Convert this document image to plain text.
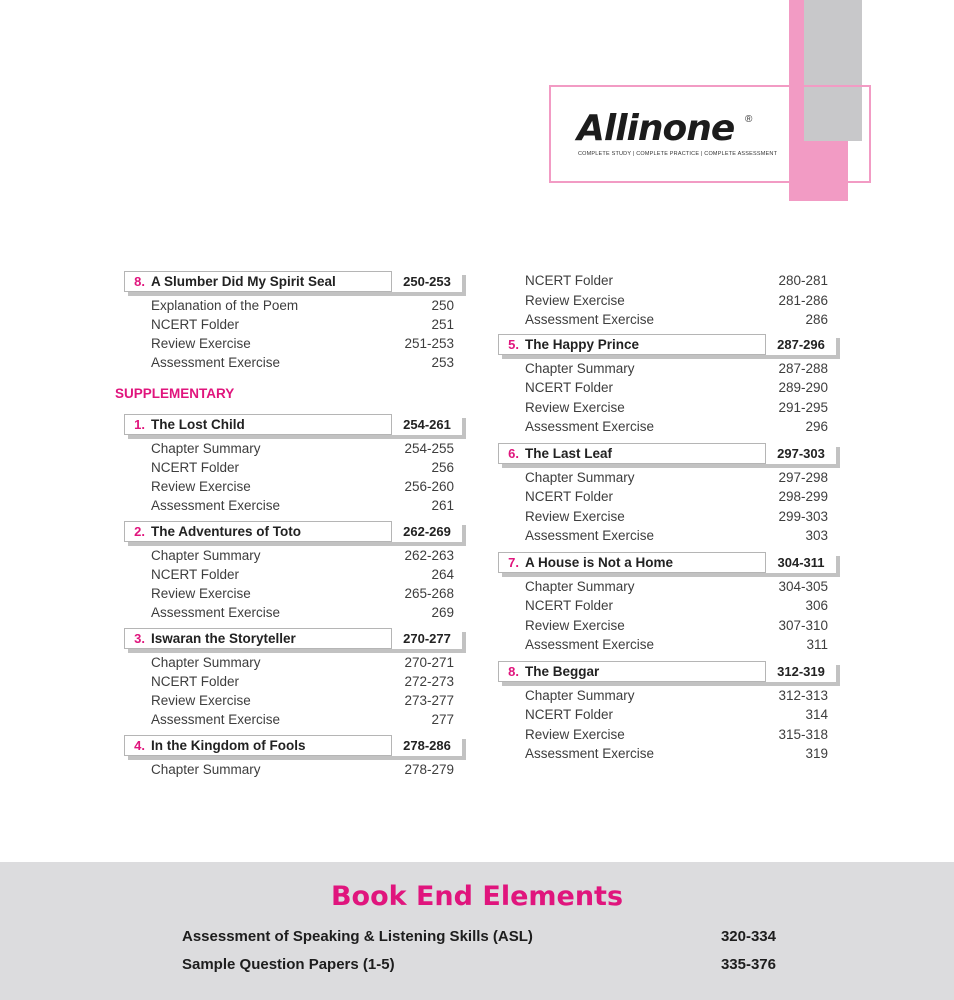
Allinone ®
COMPLETE STUDY | COMPLETE PRACTICE | COMPLETE ASSESSMENT
8. A Slumber Did My Spirit Seal	250-253
Explanation of the Poem	250
NCERT Folder	251
Review Exercise	251-253
Assessment Exercise	253
SUPPLEMENTARY
1. The Lost Child	254-261
Chapter Summary	254-255
NCERT Folder	256
Review Exercise	256-260
Assessment Exercise	261
2. The Adventures of Toto	262-269
Chapter Summary	262-263
NCERT Folder	264
Review Exercise	265-268
Assessment Exercise	269
3. Iswaran the Storyteller	270-277
Chapter Summary	270-271
NCERT Folder	272-273
Review Exercise	273-277
Assessment Exercise	277
4. In the Kingdom of Fools	278-286
Chapter Summary	278-279
NCERT Folder	280-281
Review Exercise	281-286
Assessment Exercise	286
5. The Happy Prince	287-296
Chapter Summary	287-288
NCERT Folder	289-290
Review Exercise	291-295
Assessment Exercise	296
6. The Last Leaf	297-303
Chapter Summary	297-298
NCERT Folder	298-299
Review Exercise	299-303
Assessment Exercise	303
7. A House is Not a Home	304-311
Chapter Summary	304-305
NCERT Folder	306
Review Exercise	307-310
Assessment Exercise	311
8. The Beggar	312-319
Chapter Summary	312-313
NCERT Folder	314
Review Exercise	315-318
Assessment Exercise	319
Book End Elements
Assessment of Speaking & Listening Skills (ASL)	320-334
Sample Question Papers (1-5)	335-376
